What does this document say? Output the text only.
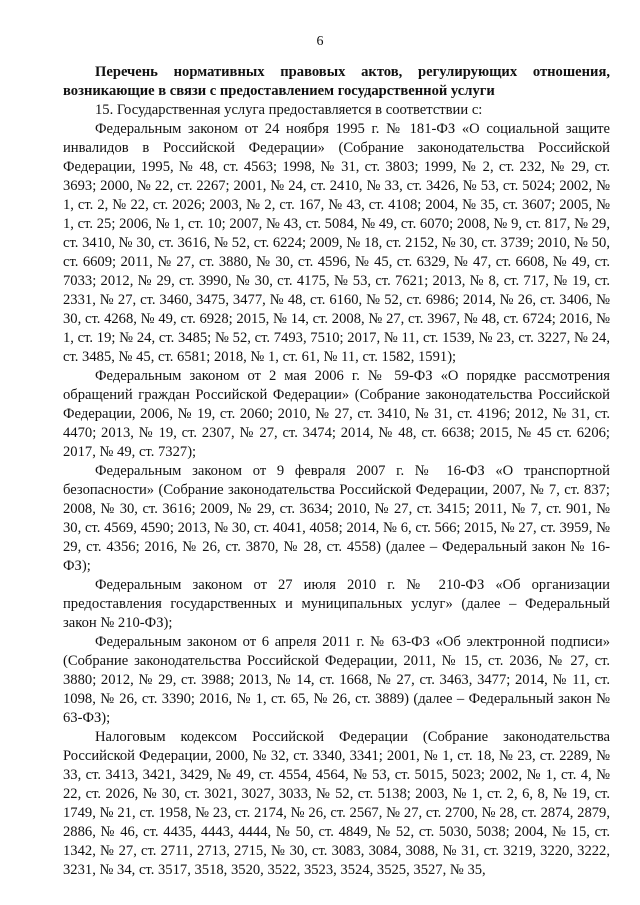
6

Перечень нормативных правовых актов, регулирующих отношения, возникающие в связи с предоставлением государственной услуги

15. Государственная услуга предоставляется в соответствии с:

Федеральным законом от 24 ноября 1995 г. № 181-ФЗ «О социальной защите инвалидов в Российской Федерации» (Собрание законодательства Российской Федерации, 1995, № 48, ст. 4563; 1998, № 31, ст. 3803; 1999, № 2, ст. 232, № 29, ст. 3693; 2000, № 22, ст. 2267; 2001, № 24, ст. 2410, № 33, ст. 3426, № 53, ст. 5024; 2002, № 1, ст. 2, № 22, ст. 2026; 2003, № 2, ст. 167, № 43, ст. 4108; 2004, № 35, ст. 3607; 2005, № 1, ст. 25; 2006, № 1, ст. 10; 2007, № 43, ст. 5084, № 49, ст. 6070; 2008, № 9, ст. 817, № 29, ст. 3410, № 30, ст. 3616, № 52, ст. 6224; 2009, № 18, ст. 2152, № 30, ст. 3739; 2010, № 50, ст. 6609; 2011, № 27, ст. 3880, № 30, ст. 4596, № 45, ст. 6329, № 47, ст. 6608, № 49, ст. 7033; 2012, № 29, ст. 3990, № 30, ст. 4175, № 53, ст. 7621; 2013, № 8, ст. 717, № 19, ст. 2331, № 27, ст. 3460, 3475, 3477, № 48, ст. 6160, № 52, ст. 6986; 2014, № 26, ст. 3406, № 30, ст. 4268, № 49, ст. 6928; 2015, № 14, ст. 2008, № 27, ст. 3967, № 48, ст. 6724; 2016, № 1, ст. 19; № 24, ст. 3485; № 52, ст. 7493, 7510; 2017, № 11, ст. 1539, № 23, ст. 3227, № 24, ст. 3485, № 45, ст. 6581; 2018, № 1, ст. 61, № 11, ст. 1582, 1591);

Федеральным законом от 2 мая 2006 г. № 59-ФЗ «О порядке рассмотрения обращений граждан Российской Федерации» (Собрание законодательства Российской Федерации, 2006, № 19, ст. 2060; 2010, № 27, ст. 3410, № 31, ст. 4196; 2012, № 31, ст. 4470; 2013, № 19, ст. 2307, № 27, ст. 3474; 2014, № 48, ст. 6638; 2015, № 45 ст. 6206; 2017, № 49, ст. 7327);

Федеральным законом от 9 февраля 2007 г. № 16-ФЗ «О транспортной безопасности» (Собрание законодательства Российской Федерации, 2007, № 7, ст. 837; 2008, № 30, ст. 3616; 2009, № 29, ст. 3634; 2010, № 27, ст. 3415; 2011, № 7, ст. 901, № 30, ст. 4569, 4590; 2013, № 30, ст. 4041, 4058; 2014, № 6, ст. 566; 2015, № 27, ст. 3959, № 29, ст. 4356; 2016, № 26, ст. 3870, № 28, ст. 4558) (далее – Федеральный закон № 16-ФЗ);

Федеральным законом от 27 июля 2010 г. № 210-ФЗ «Об организации предоставления государственных и муниципальных услуг» (далее – Федеральный закон № 210-ФЗ);

Федеральным законом от 6 апреля 2011 г. № 63-ФЗ «Об электронной подписи» (Собрание законодательства Российской Федерации, 2011, № 15, ст. 2036, № 27, ст. 3880; 2012, № 29, ст. 3988; 2013, № 14, ст. 1668, № 27, ст. 3463, 3477; 2014, № 11, ст. 1098, № 26, ст. 3390; 2016, № 1, ст. 65, № 26, ст. 3889) (далее – Федеральный закон № 63-ФЗ);

Налоговым кодексом Российской Федерации (Собрание законодательства Российской Федерации, 2000, № 32, ст. 3340, 3341; 2001, № 1, ст. 18, № 23, ст. 2289, № 33, ст. 3413, 3421, 3429, № 49, ст. 4554, 4564, № 53, ст. 5015, 5023; 2002, № 1, ст. 4, № 22, ст. 2026, № 30, ст. 3021, 3027, 3033, № 52, ст. 5138; 2003, № 1, ст. 2, 6, 8, № 19, ст. 1749, № 21, ст. 1958, № 23, ст. 2174, № 26, ст. 2567, № 27, ст. 2700, № 28, ст. 2874, 2879, 2886, № 46, ст. 4435, 4443, 4444, № 50, ст. 4849, № 52, ст. 5030, 5038; 2004, № 15, ст. 1342, № 27, ст. 2711, 2713, 2715, № 30, ст. 3083, 3084, 3088, № 31, ст. 3219, 3220, 3222, 3231, № 34, ст. 3517, 3518, 3520, 3522, 3523, 3524, 3525, 3527, № 35,
